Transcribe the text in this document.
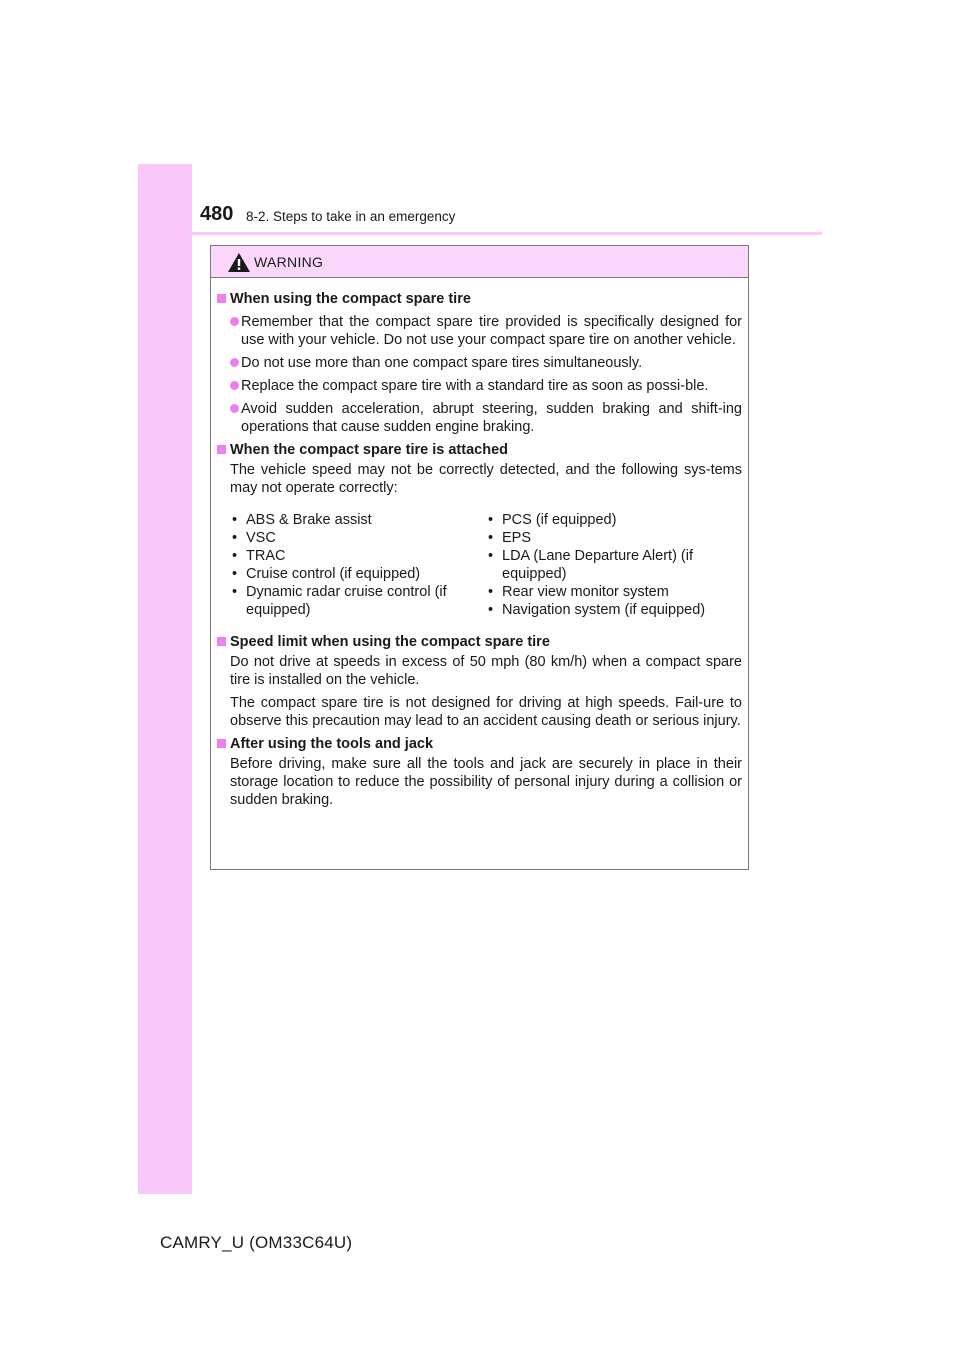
480 8-2. Steps to take in an emergency
WARNING
When using the compact spare tire
Remember that the compact spare tire provided is specifically designed for use with your vehicle. Do not use your compact spare tire on another vehicle.
Do not use more than one compact spare tires simultaneously.
Replace the compact spare tire with a standard tire as soon as possi-ble.
Avoid sudden acceleration, abrupt steering, sudden braking and shift-ing operations that cause sudden engine braking.
When the compact spare tire is attached
The vehicle speed may not be correctly detected, and the following sys-tems may not operate correctly:
• ABS & Brake assist
• VSC
• TRAC
• Cruise control (if equipped)
• Dynamic radar cruise control (if equipped)
• PCS (if equipped)
• EPS
• LDA (Lane Departure Alert) (if equipped)
• Rear view monitor system
• Navigation system (if equipped)
Speed limit when using the compact spare tire
Do not drive at speeds in excess of 50 mph (80 km/h) when a compact spare tire is installed on the vehicle.
The compact spare tire is not designed for driving at high speeds. Fail-ure to observe this precaution may lead to an accident causing death or serious injury.
After using the tools and jack
Before driving, make sure all the tools and jack are securely in place in their storage location to reduce the possibility of personal injury during a collision or sudden braking.
CAMRY_U (OM33C64U)
